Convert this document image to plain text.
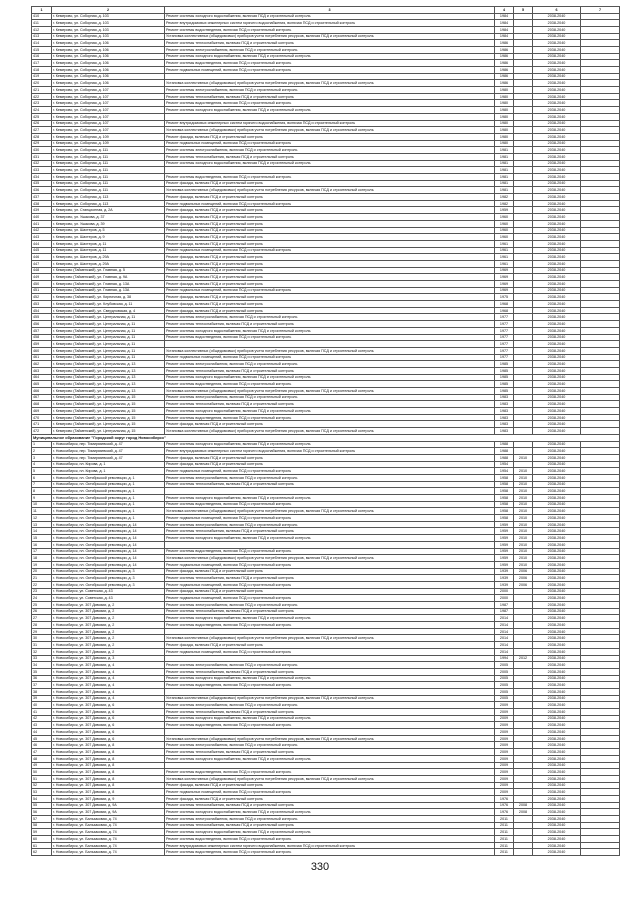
1	2	3	4	5	6	7
410	г. Кемерово, ул. Соборная, д. 103	Ремонт системы холодного водоснабжения, включая ПСД и строительный контроль	1984		2038-2040	
411	г. Кемерово, ул. Соборная, д. 103	Ремонт внутридомовых инженерных систем горячего водоснабжения, включая ПСД и строительный контроль	1984		2038-2040	
412	г. Кемерово, ул. Соборная, д. 103	Ремонт системы водоотведения, включая ПСД и строительный контроль	1984		2038-2040	
413	г. Кемерово, ул. Соборная, д. 103	Установка коллективных (общедомовых) приборов учета потребления ресурсов, включая ПСД и строительный контроль	1984		2038-2040	
414	г. Кемерово, ул. Соборная, д. 106	Ремонт системы теплоснабжения, включая ПСД и строительный контроль	1986		2038-2040	
415	г. Кемерово, ул. Соборная, д. 106	Ремонт системы электроснабжения, включая ПСД и строительный контроль	1986		2038-2040	
416	г. Кемерово, ул. Соборная, д. 106	Ремонт системы холодного водоснабжения, включая ПСД и строительный контроль	1986		2038-2040	
417	г. Кемерово, ул. Соборная, д. 106	Ремонт системы водоотведения, включая ПСД и строительный контроль	1986		2038-2040	
418	г. Кемерово, ул. Соборная, д. 106	Ремонт подвальных помещений, включая ПСД и строительный контроль	1986		2038-2040	
419	г. Кемерово, ул. Соборная, д. 106		1986		2038-2040	
420	г. Кемерово, ул. Соборная, д. 106	Установка коллективных (общедомовых) приборов учета потребления ресурсов, включая ПСД и строительный контроль	1986		2038-2040	
421	г. Кемерово, ул. Соборная, д. 107	Ремонт системы электроснабжения, включая ПСД и строительный контроль	1980		2038-2040	
422	г. Кемерово, ул. Соборная, д. 107	Ремонт системы теплоснабжения, включая ПСД и строительный контроль	1980		2038-2040	
423	г. Кемерово, ул. Соборная, д. 107	Ремонт системы водоотведения, включая ПСД и строительный контроль	1980		2038-2040	
424	г. Кемерово, ул. Соборная, д. 107	Ремонт системы холодного водоснабжения, включая ПСД и строительный контроль	1980		2038-2040	
425	г. Кемерово, ул. Соборная, д. 107		1980		2038-2040	
426	г. Кемерово, ул. Соборная, д. 107	Ремонт внутридомовых инженерных систем горячего водоснабжения, включая ПСД и строительный контроль	1980		2038-2040	
427	г. Кемерово, ул. Соборная, д. 107	Установка коллективных (общедомовых) приборов учета потребления ресурсов, включая ПСД и строительный контроль	1980		2038-2040	
428	г. Кемерово, ул. Соборная, д. 109	Ремонт фасада, включая ПСД и строительный контроль	1980		2038-2040	
429	г. Кемерово, ул. Соборная, д. 109	Ремонт подвальных помещений, включая ПСД и строительный контроль	1980		2038-2040	
430	г. Кемерово, ул. Соборная, д. 111	Ремонт системы электроснабжения, включая ПСД и строительный контроль	1981		2038-2040	
431	г. Кемерово, ул. Соборная, д. 111	Ремонт системы теплоснабжения, включая ПСД и строительный контроль	1981		2038-2040	
432	г. Кемерово, ул. Соборная, д. 111	Ремонт системы холодного водоснабжения, включая ПСД и строительный контроль	1981		2038-2040	
433	г. Кемерово, ул. Соборная, д. 111		1981		2038-2040	
434	г. Кемерово, ул. Соборная, д. 111	Ремонт системы водоотведения, включая ПСД и строительный контроль	1981		2038-2040	
435	г. Кемерово, ул. Соборная, д. 111	Ремонт фасада, включая ПСД и строительный контроль	1981		2038-2040	
436	г. Кемерово, ул. Соборная, д. 111	Установка коллективных (общедомовых) приборов учета потребления ресурсов, включая ПСД и строительный контроль	1981		2038-2040	
437	г. Кемерово, ул. Соборная, д. 113	Ремонт фасада, включая ПСД и строительный контроль	1982		2038-2040	
438	г. Кемерово, ул. Соборная, д. 113	Ремонт подвальных помещений, включая ПСД и строительный контроль	1982		2038-2040	
439	г. Кемерово, ул. Станционная, д. 2А	Ремонт фасада, включая ПСД и строительный контроль	1959		2038-2040	
440	г. Кемерово, ул. Ушакова, д. 37	Ремонт фасада, включая ПСД и строительный контроль	1960		2038-2040	
441	г. Кемерово, ул. Ушакова, д. 39	Ремонт фасада, включая ПСД и строительный контроль	1960		2038-2040	
442	г. Кемерово, ул. Шахтеров, д. 5	Ремонт фасада, включая ПСД и строительный контроль	1960		2038-2040	
443	г. Кемерово, ул. Шахтеров, д. 9	Ремонт фасада, включая ПСД и строительный контроль	1960		2038-2040	
444	г. Кемерово, ул. Шахтеров, д. 11	Ремонт фасада, включая ПСД и строительный контроль	1961		2038-2040	
445	г. Кемерово, ул. Шахтеров, д. 11	Ремонт подвальных помещений, включая ПСД и строительный контроль	1961		2038-2040	
446	г. Кемерово, ул. Шахтеров, д. 29А	Ремонт фасада, включая ПСД и строительный контроль	1961		2038-2040	
447	г. Кемерово, ул. Шахтеров, д. 29А	Ремонт фасада, включая ПСД и строительный контроль	1961		2038-2040	
448	г. Кемерово (Тайменский), ул. Главная, д. 5	Ремонт фасада, включая ПСД и строительный контроль	1969		2038-2040	
449	г. Кемерово (Тайменский), ул. Главная, д. 9А	Ремонт фасада, включая ПСД и строительный контроль	1969		2038-2040	
450	г. Кемерово (Тайменский), ул. Главная, д. 13А	Ремонт фасада, включая ПСД и строительный контроль	1969		2038-2040	
451	г. Кемерово (Тайменский), ул. Главная, д. 13А	Ремонт подвальных помещений, включая ПСД и строительный контроль	1969		2038-2040	
452	г. Кемерово (Тайменский), ул. Кирпичная, д. 38	Ремонт фасада, включая ПСД и строительный контроль	1975		2038-2040	
453	г. Кемерово (Тайменский), ул. Клубовская, д. 11	Ремонт фасада, включая ПСД и строительный контроль	1968		2038-2040	
454	г. Кемерово (Тайменский), ул. Свердловская, д. 4	Ремонт фасада, включая ПСД и строительный контроль	1968		2038-2040	
455	г. Кемерово (Тайменский), ул. Центральная, д. 11	Ремонт системы электроснабжения, включая ПСД и строительный контроль	1977		2038-2040	
456	г. Кемерово (Тайменский), ул. Центральная, д. 11	Ремонт системы теплоснабжения, включая ПСД и строительный контроль	1977		2038-2040	
457	г. Кемерово (Тайменский), ул. Центральная, д. 11	Ремонт системы холодного водоснабжения, включая ПСД и строительный контроль	1977		2038-2040	
458	г. Кемерово (Тайменский), ул. Центральная, д. 11	Ремонт системы водоотведения, включая ПСД и строительный контроль	1977		2038-2040	
459	г. Кемерово (Тайменский), ул. Центральная, д. 11		1977		2038-2040	
460	г. Кемерово (Тайменский), ул. Центральная, д. 11	Установка коллективных (общедомовых) приборов учета потребления ресурсов, включая ПСД и строительный контроль	1977		2038-2040	
461	г. Кемерово (Тайменский), ул. Центральная, д. 11	Ремонт подвальных помещений, включая ПСД и строительный контроль	1977		2038-2040	
462	г. Кемерово (Тайменский), ул. Центральная, д. 13	Ремонт системы электроснабжения, включая ПСД и строительный контроль	1985		2038-2040	
463	г. Кемерово (Тайменский), ул. Центральная, д. 13	Ремонт системы теплоснабжения, включая ПСД и строительный контроль	1985		2038-2040	
464	г. Кемерово (Тайменский), ул. Центральная, д. 13	Ремонт системы холодного водоснабжения, включая ПСД и строительный контроль	1985		2038-2040	
465	г. Кемерово (Тайменский), ул. Центральная, д. 13	Ремонт системы водоотведения, включая ПСД и строительный контроль	1985		2038-2040	
466	г. Кемерово (Тайменский), ул. Центральная, д. 13	Установка коллективных (общедомовых) приборов учета потребления ресурсов, включая ПСД и строительный контроль	1985		2038-2040	
467	г. Кемерово (Тайменский), ул. Центральная, д. 15	Ремонт системы электроснабжения, включая ПСД и строительный контроль	1983		2038-2040	
468	г. Кемерово (Тайменский), ул. Центральная, д. 15	Ремонт системы теплоснабжения, включая ПСД и строительный контроль	1983		2038-2040	
469	г. Кемерово (Тайменский), ул. Центральная, д. 15	Ремонт системы холодного водоснабжения, включая ПСД и строительный контроль	1983		2038-2040	
470	г. Кемерово (Тайменский), ул. Центральная, д. 15	Ремонт системы водоотведения, включая ПСД и строительный контроль	1983		2038-2040	
471	г. Кемерово (Тайменский), ул. Центральная, д. 15	Ремонт фасада, включая ПСД и строительный контроль	1983		2038-2040	
472	г. Кемерово (Тайменский), ул. Центральная, д. 15	Установка коллективных (общедомовых) приборов учета потребления ресурсов, включая ПСД и строительный контроль	1983		2038-2040	
Муниципальное образование "Городской округ город Новосибирск"						
1	г. Новосибирск, пер. Тимирязевский, д. 47	Ремонт системы холодного водоснабжения, включая ПСД и строительный контроль	1988		2038-2040	
2	г. Новосибирск, пер. Тимирязевский, д. 47	Ремонт внутридомовых инженерных систем горячего водоснабжения, включая ПСД и строительный контроль	1988		2038-2040	
3	г. Новосибирск, пер. Тимирязевский, д. 47	Ремонт фасада, включая ПСД и строительный контроль	1988	2010	2038-2040	
4	г. Новосибирск, пл. Кирова, д. 1	Ремонт фасада, включая ПСД и строительный контроль	1954		2038-2040	
5	г. Новосибирск, пл. Кирова, д. 1	Ремонт подвальных помещений, включая ПСД и строительный контроль	1954	2010	2038-2040	
6	г. Новосибирск, пл. Октябрьской революции, д. 1	Ремонт системы электроснабжения, включая ПСД и строительный контроль	1958	2010	2038-2040	
7	г. Новосибирск, пл. Октябрьской революции, д. 1	Ремонт системы теплоснабжения, включая ПСД и строительный контроль	1958	2010	2038-2040	
8	г. Новосибирск, пл. Октябрьской революции, д. 1		1958	2010	2038-2040	
9	г. Новосибирск, пл. Октябрьской революции, д. 1	Ремонт системы холодного водоснабжения, включая ПСД и строительный контроль	1958	2010	2038-2040	
10	г. Новосибирск, пл. Октябрьской революции, д. 1	Ремонт системы водоотведения, включая ПСД и строительный контроль	1958	2010	2038-2040	
11	г. Новосибирск, пл. Октябрьской революции, д. 1	Установка коллективных (общедомовых) приборов учета потребления ресурсов, включая ПСД и строительный контроль	1958	2010	2038-2040	
12	г. Новосибирск, пл. Октябрьской революции, д. 1	Ремонт подвальных помещений, включая ПСД и строительный контроль	1958	2010	2038-2040	
13	г. Новосибирск, пл. Октябрьской революции, д. 14	Ремонт системы электроснабжения, включая ПСД и строительный контроль	1959	2010	2038-2040	
14	г. Новосибирск, пл. Октябрьской революции, д. 14	Ремонт системы теплоснабжения, включая ПСД и строительный контроль	1959	2010	2038-2040	
15	г. Новосибирск, пл. Октябрьской революции, д. 14	Ремонт системы холодного водоснабжения, включая ПСД и строительный контроль	1959	2010	2038-2040	
16	г. Новосибирск, пл. Октябрьской революции, д. 14		1959	2010	2038-2040	
17	г. Новосибирск, пл. Октябрьской революции, д. 14	Ремонт системы водоотведения, включая ПСД и строительный контроль	1959	2010	2038-2040	
18	г. Новосибирск, пл. Октябрьской революции, д. 14	Установка коллективных (общедомовых) приборов учета потребления ресурсов, включая ПСД и строительный контроль	1959	2010	2038-2040	
19	г. Новосибирск, пл. Октябрьской революции, д. 14	Ремонт подвальных помещений, включая ПСД и строительный контроль	1959	2010	2038-2040	
20	г. Новосибирск, пл. Октябрьской революции, д. 3	Ремонт фасада, включая ПСД и строительный контроль	1939	2006	2038-2040	
21	г. Новосибирск, пл. Октябрьской революции, д. 3	Ремонт системы теплоснабжения, включая ПСД и строительный контроль	1939	2006	2038-2040	
22	г. Новосибирск, пл. Октябрьской революции, д. 3	Ремонт подвальных помещений, включая ПСД и строительный контроль	1939	2006	2038-2040	
23	г. Новосибирск, ул. Советская, д. 43	Ремонт фасада, включая ПСД и строительный контроль	2000		2038-2040	
24	г. Новосибирск, ул. Советская, д. 43	Ремонт подвальных помещений, включая ПСД и строительный контроль	2000		2038-2040	
25	г. Новосибирск, ул. 307 Дивизии, д. 2	Ремонт системы электроснабжения, включая ПСД и строительный контроль	1987		2038-2040	
26	г. Новосибирск, ул. 307 Дивизии, д. 2	Ремонт системы теплоснабжения, включая ПСД и строительный контроль	1987		2038-2040	
27	г. Новосибирск, ул. 307 Дивизии, д. 2	Ремонт системы холодного водоснабжения, включая ПСД и строительный контроль	2014		2038-2040	
28	г. Новосибирск, ул. 307 Дивизии, д. 2	Ремонт системы водоотведения, включая ПСД и строительный контроль	2014		2038-2040	
29	г. Новосибирск, ул. 307 Дивизии, д. 2		2014		2038-2040	
30	г. Новосибирск, ул. 307 Дивизии, д. 2	Установка коллективных (общедомовых) приборов учета потребления ресурсов, включая ПСД и строительный контроль	2014		2038-2040	
31	г. Новосибирск, ул. 307 Дивизии, д. 2	Ремонт фасада, включая ПСД и строительный контроль	2014		2038-2040	
32	г. Новосибирск, ул. 307 Дивизии, д. 2	Ремонт подвальных помещений, включая ПСД и строительный контроль	2014		2038-2040	
33	г. Новосибирск, ул. 307 Дивизии, д. 3		1994	2012	2038-2040	
34	г. Новосибирск, ул. 307 Дивизии, д. 4	Ремонт системы электроснабжения, включая ПСД и строительный контроль	2005		2038-2040	
35	г. Новосибирск, ул. 307 Дивизии, д. 4	Ремонт системы теплоснабжения, включая ПСД и строительный контроль	2005		2038-2040	
36	г. Новосибирск, ул. 307 Дивизии, д. 4	Ремонт системы холодного водоснабжения, включая ПСД и строительный контроль	2005		2038-2040	
37	г. Новосибирск, ул. 307 Дивизии, д. 4	Ремонт системы водоотведения, включая ПСД и строительный контроль	2005		2038-2040	
38	г. Новосибирск, ул. 307 Дивизии, д. 4		2005		2038-2040	
39	г. Новосибирск, ул. 307 Дивизии, д. 4	Установка коллективных (общедомовых) приборов учета потребления ресурсов, включая ПСД и строительный контроль	2005		2038-2040	
40	г. Новосибирск, ул. 307 Дивизии, д. 6	Ремонт системы электроснабжения, включая ПСД и строительный контроль	2009		2038-2040	
41	г. Новосибирск, ул. 307 Дивизии, д. 6	Ремонт системы теплоснабжения, включая ПСД и строительный контроль	2009		2038-2040	
42	г. Новосибирск, ул. 307 Дивизии, д. 6	Ремонт системы холодного водоснабжения, включая ПСД и строительный контроль	2009		2038-2040	
43	г. Новосибирск, ул. 307 Дивизии, д. 6	Ремонт системы водоотведения, включая ПСД и строительный контроль	2009		2038-2040	
44	г. Новосибирск, ул. 307 Дивизии, д. 6		2009		2038-2040	
45	г. Новосибирск, ул. 307 Дивизии, д. 6	Установка коллективных (общедомовых) приборов учета потребления ресурсов, включая ПСД и строительный контроль	2009		2038-2040	
46	г. Новосибирск, ул. 307 Дивизии, д. 8	Ремонт системы электроснабжения, включая ПСД и строительный контроль	2009		2038-2040	
47	г. Новосибирск, ул. 307 Дивизии, д. 8	Ремонт системы теплоснабжения, включая ПСД и строительный контроль	2009		2038-2040	
48	г. Новосибирск, ул. 307 Дивизии, д. 8	Ремонт системы холодного водоснабжения, включая ПСД и строительный контроль	2009		2038-2040	
49	г. Новосибирск, ул. 307 Дивизии, д. 8		2009		2038-2040	
50	г. Новосибирск, ул. 307 Дивизии, д. 8	Ремонт системы водоотведения, включая ПСД и строительный контроль	2009		2038-2040	
51	г. Новосибирск, ул. 307 Дивизии, д. 8	Установка коллективных (общедомовых) приборов учета потребления ресурсов, включая ПСД и строительный контроль	2009		2038-2040	
52	г. Новосибирск, ул. 307 Дивизии, д. 8	Ремонт фасада, включая ПСД и строительный контроль	2009		2038-2040	
53	г. Новосибирск, ул. 307 Дивизии, д. 8	Ремонт подвальных помещений, включая ПСД и строительный контроль	2009		2038-2040	
54	г. Новосибирск, ул. 307 Дивизии, д. 9	Ремонт фасада, включая ПСД и строительный контроль	1976		2038-2040	
55	г. Новосибирск, ул. 307 Дивизии, д. 9А	Ремонт системы теплоснабжения, включая ПСД и строительный контроль	1976	2008	2038-2040	
56	г. Новосибирск, ул. 307 Дивизии, д. 9А	Ремонт системы холодного водоснабжения, включая ПСД и строительный контроль	1976	2008	2038-2040	
57	г. Новосибирск, ул. Бальзаковая, д. 74	Ремонт системы электроснабжения, включая ПСД и строительный контроль	2011		2038-2040	
58	г. Новосибирск, ул. Бальзаковая, д. 74	Ремонт системы теплоснабжения, включая ПСД и строительный контроль	2011		2038-2040	
59	г. Новосибирск, ул. Бальзаковая, д. 74	Ремонт системы холодного водоснабжения, включая ПСД и строительный контроль	2011		2038-2040	
60	г. Новосибирск, ул. Бальзаковая, д. 74	Ремонт системы водоотведения, включая ПСД и строительный контроль	2011		2038-2040	
61	г. Новосибирск, ул. Бальзаковая, д. 74	Ремонт внутридомовых инженерных систем горячего водоснабжения, включая ПСД и строительный контроль	2011		2038-2040	
62	г. Новосибирск, ул. Бальзаковая, д. 74	Ремонт системы водоотведения, включая ПСД и строительный контроль	2011		2038-2040	
330
